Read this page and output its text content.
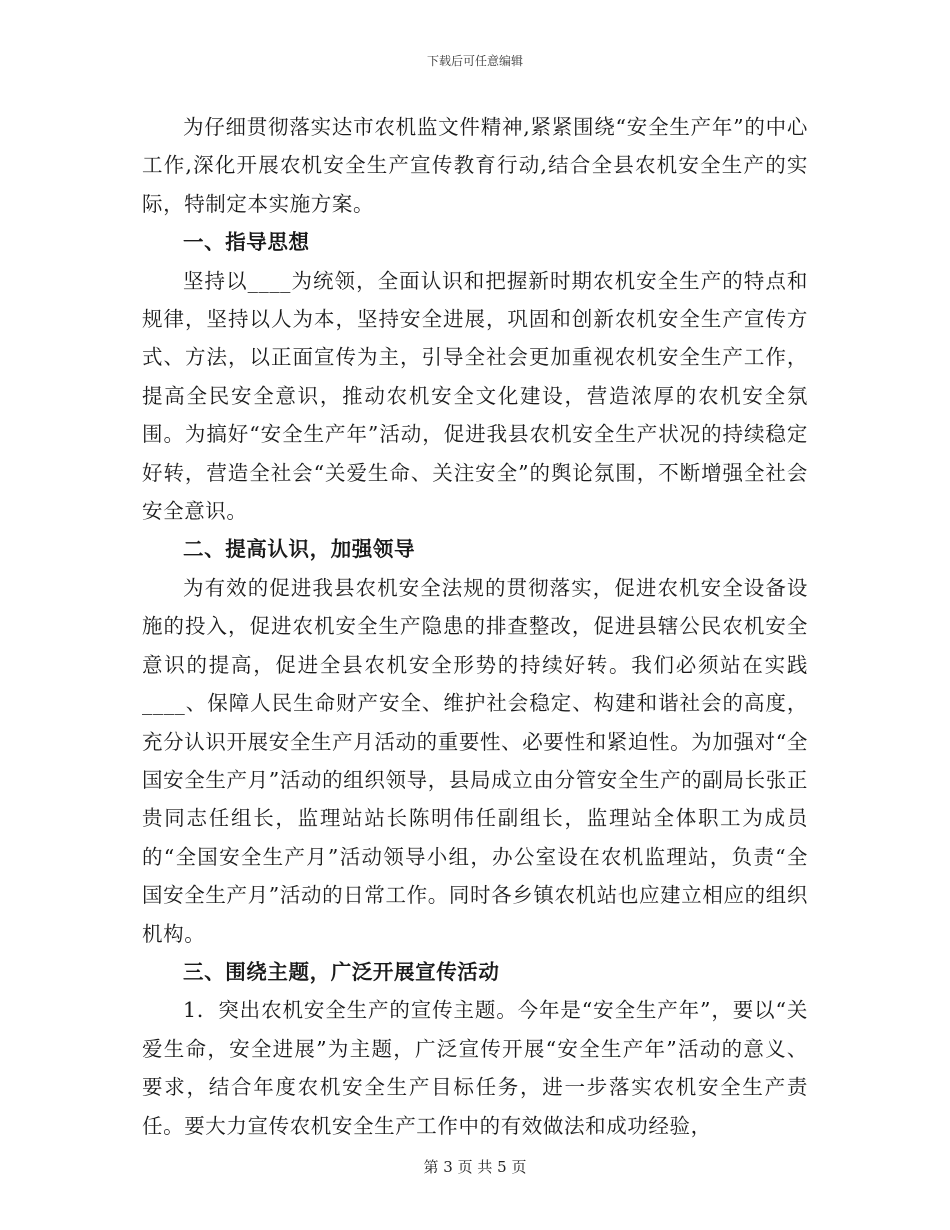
下载后可任意编辑

为仔细贯彻落实达市农机监文件精神,紧紧围绕“安全生产年”的中心工作,深化开展农机安全生产宣传教育行动,结合全县农机安全生产的实际，特制定本实施方案。

一、指导思想

坚持以____为统领，全面认识和把握新时期农机安全生产的特点和规律，坚持以人为本，坚持安全进展，巩固和创新农机安全生产宣传方式、方法，以正面宣传为主，引导全社会更加重视农机安全生产工作，提高全民安全意识，推动农机安全文化建设，营造浓厚的农机安全氛围。为搞好“安全生产年”活动，促进我县农机安全生产状况的持续稳定好转，营造全社会“关爱生命、关注安全”的舆论氛围，不断增强全社会安全意识。

二、提高认识，加强领导

为有效的促进我县农机安全法规的贯彻落实，促进农机安全设备设施的投入，促进农机安全生产隐患的排查整改，促进县辖公民农机安全意识的提高，促进全县农机安全形势的持续好转。我们必须站在实践____、保障人民生命财产安全、维护社会稳定、构建和谐社会的高度，充分认识开展安全生产月活动的重要性、必要性和紧迫性。为加强对“全国安全生产月”活动的组织领导，县局成立由分管安全生产的副局长张正贵同志任组长，监理站站长陈明伟任副组长，监理站全体职工为成员的“全国安全生产月”活动领导小组，办公室设在农机监理站，负责“全国安全生产月”活动的日常工作。同时各乡镇农机站也应建立相应的组织机构。

三、围绕主题，广泛开展宣传活动

1．突出农机安全生产的宣传主题。今年是“安全生产年”，要以“关爱生命，安全进展”为主题，广泛宣传开展“安全生产年”活动的意义、要求，结合年度农机安全生产目标任务，进一步落实农机安全生产责任。要大力宣传农机安全生产工作中的有效做法和成功经验，

第 3 页 共 5 页
